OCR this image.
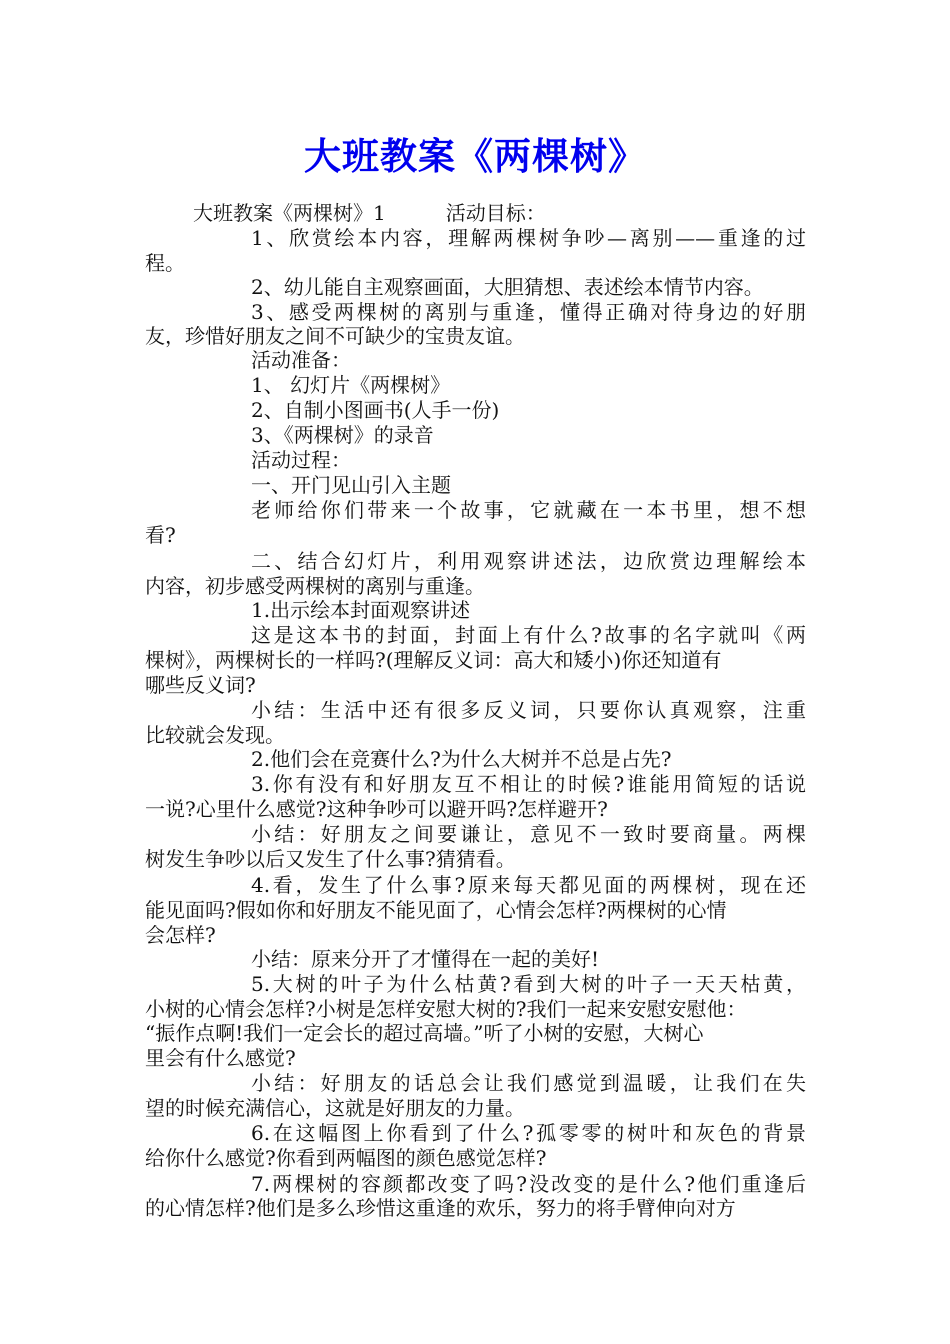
大班教案《两棵树》

大班教案《两棵树》1　　　活动目标：

1、欣赏绘本内容，理解两棵树争吵—离别——重逢的过

程。

2、幼儿能自主观察画面，大胆猜想、表述绘本情节内容。

3、感受两棵树的离别与重逢，懂得正确对待身边的好朋

友，珍惜好朋友之间不可缺少的宝贵友谊。

活动准备：

1、 幻灯片《两棵树》

2、自制小图画书(人手一份)

3、《两棵树》的录音

活动过程：

一、开门见山引入主题

老师给你们带来一个故事，它就藏在一本书里，想不想

看?

二、结合幻灯片，利用观察讲述法，边欣赏边理解绘本

内容，初步感受两棵树的离别与重逢。

1.出示绘本封面观察讲述

这是这本书的封面，封面上有什么?故事的名字就叫《两

棵树》，两棵树长的一样吗?(理解反义词：高大和矮小)你还知道有

哪些反义词?

小结：生活中还有很多反义词，只要你认真观察，注重

比较就会发现。

2.他们会在竞赛什么?为什么大树并不总是占先?

3.你有没有和好朋友互不相让的时候?谁能用简短的话说

一说?心里什么感觉?这种争吵可以避开吗?怎样避开?

小结：好朋友之间要谦让，意见不一致时要商量。两棵

树发生争吵以后又发生了什么事?猜猜看。

4.看，发生了什么事?原来每天都见面的两棵树，现在还

能见面吗?假如你和好朋友不能见面了，心情会怎样?两棵树的心情

会怎样?

小结：原来分开了才懂得在一起的美好!

5.大树的叶子为什么枯黄?看到大树的叶子一天天枯黄，

小树的心情会怎样?小树是怎样安慰大树的?我们一起来安慰安慰他：

“振作点啊!我们一定会长的超过高墙。”听了小树的安慰，大树心

里会有什么感觉?

小结：好朋友的话总会让我们感觉到温暖，让我们在失

望的时候充满信心，这就是好朋友的力量。

6.在这幅图上你看到了什么?孤零零的树叶和灰色的背景

给你什么感觉?你看到两幅图的颜色感觉怎样?

7.两棵树的容颜都改变了吗?没改变的是什么?他们重逢后

的心情怎样?他们是多么珍惜这重逢的欢乐，努力的将手臂伸向对方
